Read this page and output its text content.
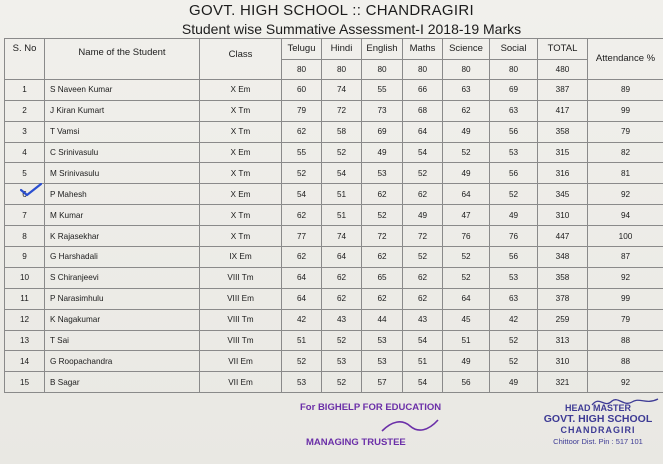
GOVT. HIGH SCHOOL :: CHANDRAGIRI
Student wise Summative Assessment-I 2018-19 Marks
S. No	Name of the Student	Class	Telugu	Hindi	English	Maths	Science	Social	TOTAL	Attendance %
			80	80	80	80	80	80	480	
1	S Naveen Kumar	X Em	60	74	55	66	63	69	387	89
2	J Kiran Kumart	X Tm	79	72	73	68	62	63	417	99
3	T Vamsi	X Tm	62	58	69	64	49	56	358	79
4	C Srinivasulu	X Em	55	52	49	54	52	53	315	82
5	M Srinivasulu	X Tm	52	54	53	52	49	56	316	81
6	P Mahesh	X Em	54	51	62	62	64	52	345	92
7	M Kumar	X Tm	62	51	52	49	47	49	310	94
8	K Rajasekhar	X Tm	77	74	72	72	76	76	447	100
9	G Harshadali	IX Em	62	64	62	52	52	56	348	87
10	S Chiranjeevi	VIII Tm	64	62	65	62	52	53	358	92
11	P Narasimhulu	VIII Em	64	62	62	62	64	63	378	99
12	K Nagakumar	VIII Tm	42	43	44	43	45	42	259	79
13	T Sai	VIII Tm	51	52	53	54	51	52	313	88
14	G Roopachandra	VII Em	52	53	53	51	49	52	310	88
15	B Sagar	VII Em	53	52	57	54	56	49	321	92
For BIGHELP FOR EDUCATION
MANAGING TRUSTEE
HEAD MASTER
GOVT. HIGH SCHOOL
CHANDRAGIRI
Chittoor Dist. Pin : 517 101
